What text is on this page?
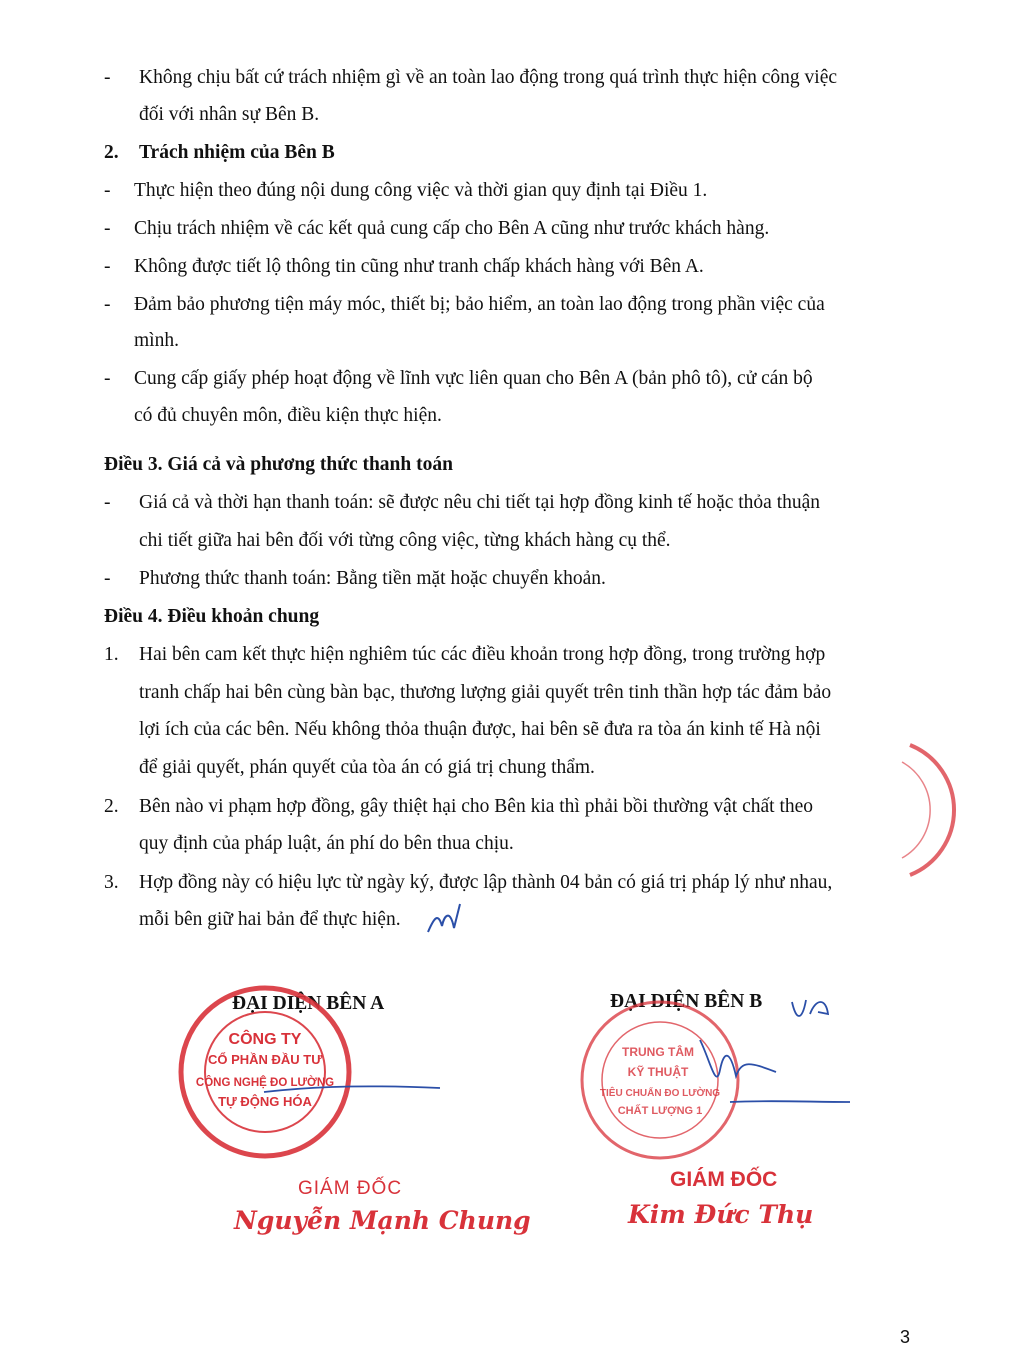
- Không chịu bất cứ trách nhiệm gì về an toàn lao động trong quá trình thực hiện công việc
đối với nhân sự Bên B.
2. Trách nhiệm của Bên B
- Thực hiện theo đúng nội dung công việc và thời gian quy định tại Điều 1.
- Chịu trách nhiệm về các kết quả cung cấp cho Bên A cũng như trước khách hàng.
- Không được tiết lộ thông tin cũng như tranh chấp khách hàng với Bên A.
- Đảm bảo phương tiện máy móc, thiết bị; bảo hiểm, an toàn lao động trong phần việc của
mình.
- Cung cấp giấy phép hoạt động về lĩnh vực liên quan cho Bên A (bản phô tô), cử cán bộ
có đủ chuyên môn, điều kiện thực hiện.
Điều 3. Giá cả và phương thức thanh toán
- Giá cả và thời hạn thanh toán: sẽ được nêu chi tiết tại hợp đồng kinh tế hoặc thỏa thuận
chi tiết giữa hai bên đối với từng công việc, từng khách hàng cụ thể.
- Phương thức thanh toán: Bằng tiền mặt hoặc chuyển khoản.
Điều 4. Điều khoản chung
1. Hai bên cam kết thực hiện nghiêm túc các điều khoản trong hợp đồng, trong trường hợp
tranh chấp hai bên cùng bàn bạc, thương lượng giải quyết trên tinh thần hợp tác đảm bảo
lợi ích của các bên. Nếu không thỏa thuận được, hai bên sẽ đưa ra tòa án kinh tế Hà nội
để giải quyết, phán quyết của tòa án có giá trị chung thẩm.
2. Bên nào vi phạm hợp đồng, gây thiệt hại cho Bên kia thì phải bồi thường vật chất theo
quy định của pháp luật, án phí do bên thua chịu.
3. Hợp đồng này có hiệu lực từ ngày ký, được lập thành 04 bản có giá trị pháp lý như nhau,
mỗi bên giữ hai bản để thực hiện.
ĐẠI DIỆN BÊN A
CÔNG TY
CỔ PHẦN ĐẦU TƯ
CÔNG NGHỆ ĐO LƯỜNG
TỰ ĐỘNG HÓA
GIÁM ĐỐC
Nguyễn Mạnh Chung
ĐẠI DIỆN BÊN B
TRUNG TÂM
KỸ THUẬT
TIÊU CHUẨN ĐO LƯỜNG
CHẤT LƯỢNG 1
GIÁM ĐỐC
Kim Đức Thụ
3
